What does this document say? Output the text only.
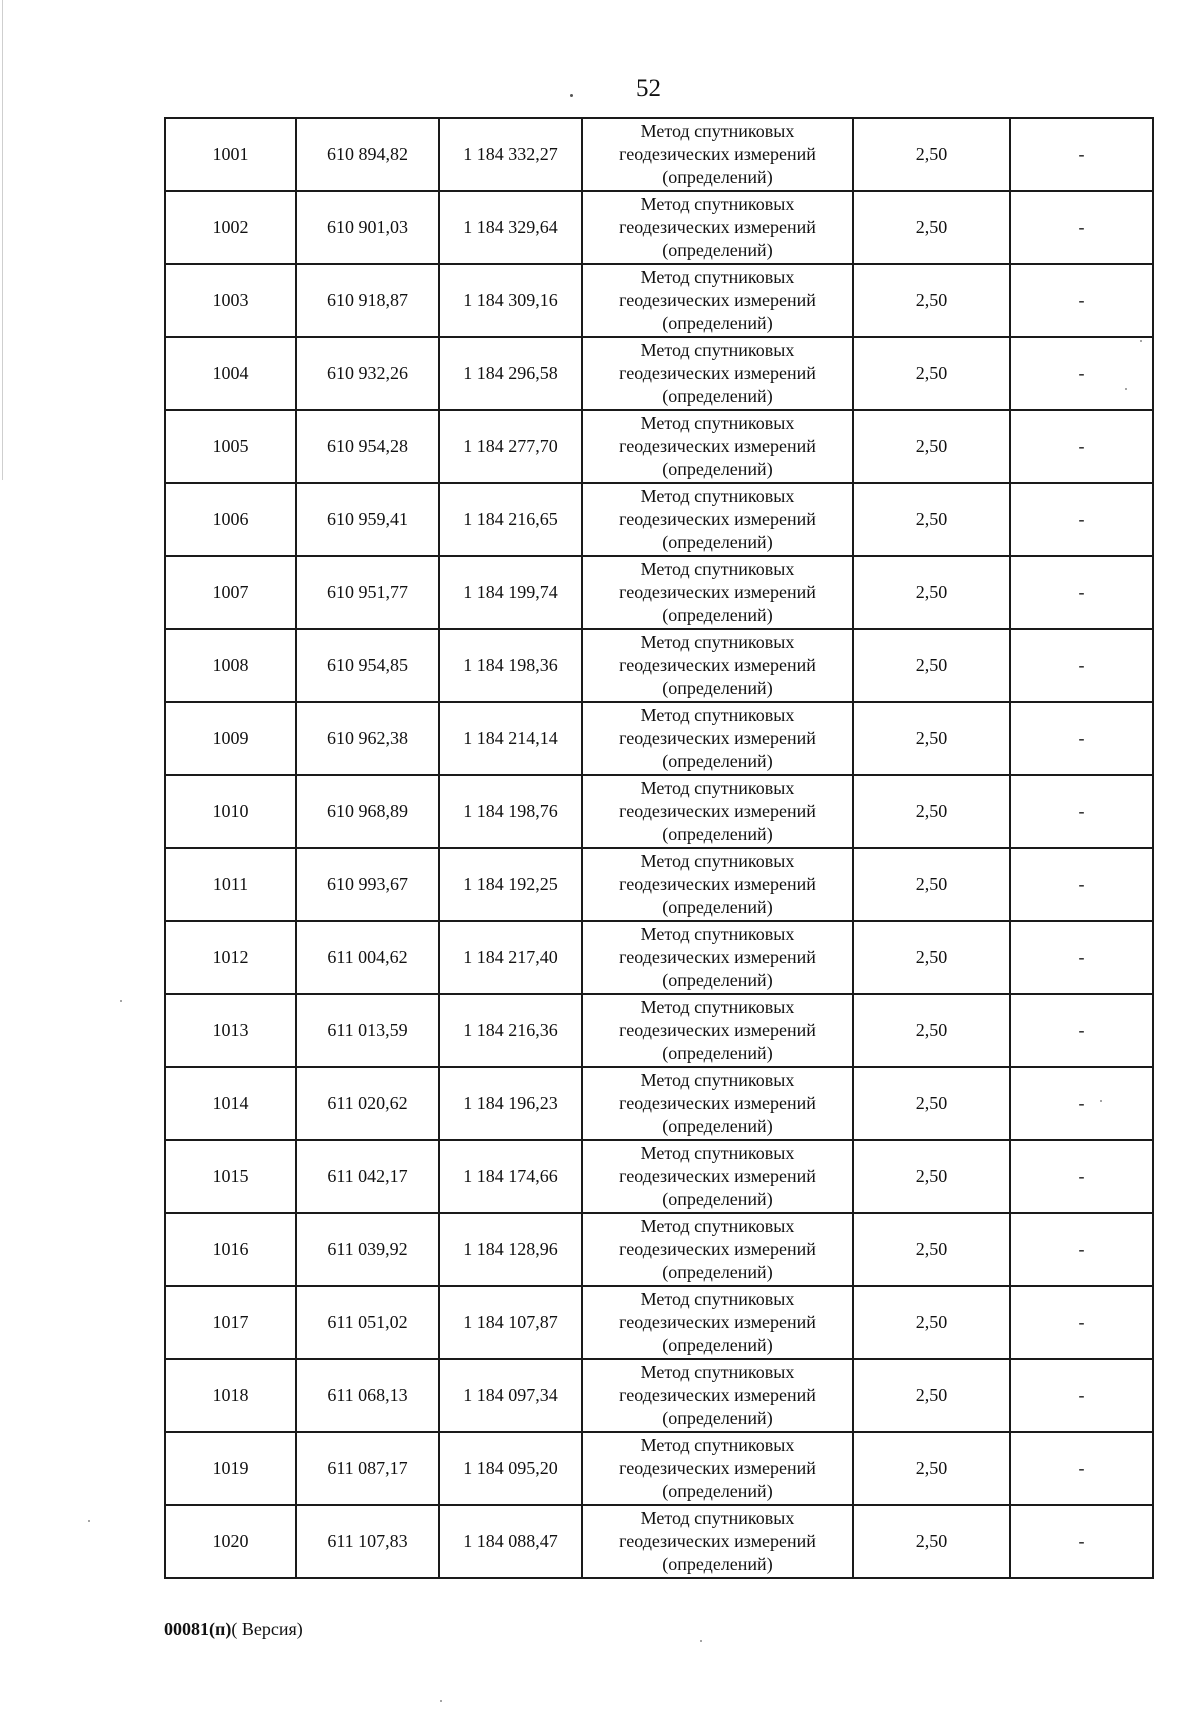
52
1001	610 894,82	1 184 332,27	Метод спутниковых
геодезических измерений
(определений)	2,50	-
1002	610 901,03	1 184 329,64	Метод спутниковых
геодезических измерений
(определений)	2,50	-
1003	610 918,87	1 184 309,16	Метод спутниковых
геодезических измерений
(определений)	2,50	-
1004	610 932,26	1 184 296,58	Метод спутниковых
геодезических измерений
(определений)	2,50	-
1005	610 954,28	1 184 277,70	Метод спутниковых
геодезических измерений
(определений)	2,50	-
1006	610 959,41	1 184 216,65	Метод спутниковых
геодезических измерений
(определений)	2,50	-
1007	610 951,77	1 184 199,74	Метод спутниковых
геодезических измерений
(определений)	2,50	-
1008	610 954,85	1 184 198,36	Метод спутниковых
геодезических измерений
(определений)	2,50	-
1009	610 962,38	1 184 214,14	Метод спутниковых
геодезических измерений
(определений)	2,50	-
1010	610 968,89	1 184 198,76	Метод спутниковых
геодезических измерений
(определений)	2,50	-
1011	610 993,67	1 184 192,25	Метод спутниковых
геодезических измерений
(определений)	2,50	-
1012	611 004,62	1 184 217,40	Метод спутниковых
геодезических измерений
(определений)	2,50	-
1013	611 013,59	1 184 216,36	Метод спутниковых
геодезических измерений
(определений)	2,50	-
1014	611 020,62	1 184 196,23	Метод спутниковых
геодезических измерений
(определений)	2,50	-
1015	611 042,17	1 184 174,66	Метод спутниковых
геодезических измерений
(определений)	2,50	-
1016	611 039,92	1 184 128,96	Метод спутниковых
геодезических измерений
(определений)	2,50	-
1017	611 051,02	1 184 107,87	Метод спутниковых
геодезических измерений
(определений)	2,50	-
1018	611 068,13	1 184 097,34	Метод спутниковых
геодезических измерений
(определений)	2,50	-
1019	611 087,17	1 184 095,20	Метод спутниковых
геодезических измерений
(определений)	2,50	-
1020	611 107,83	1 184 088,47	Метод спутниковых
геодезических измерений
(определений)	2,50	-
00081(п)( Версия)
